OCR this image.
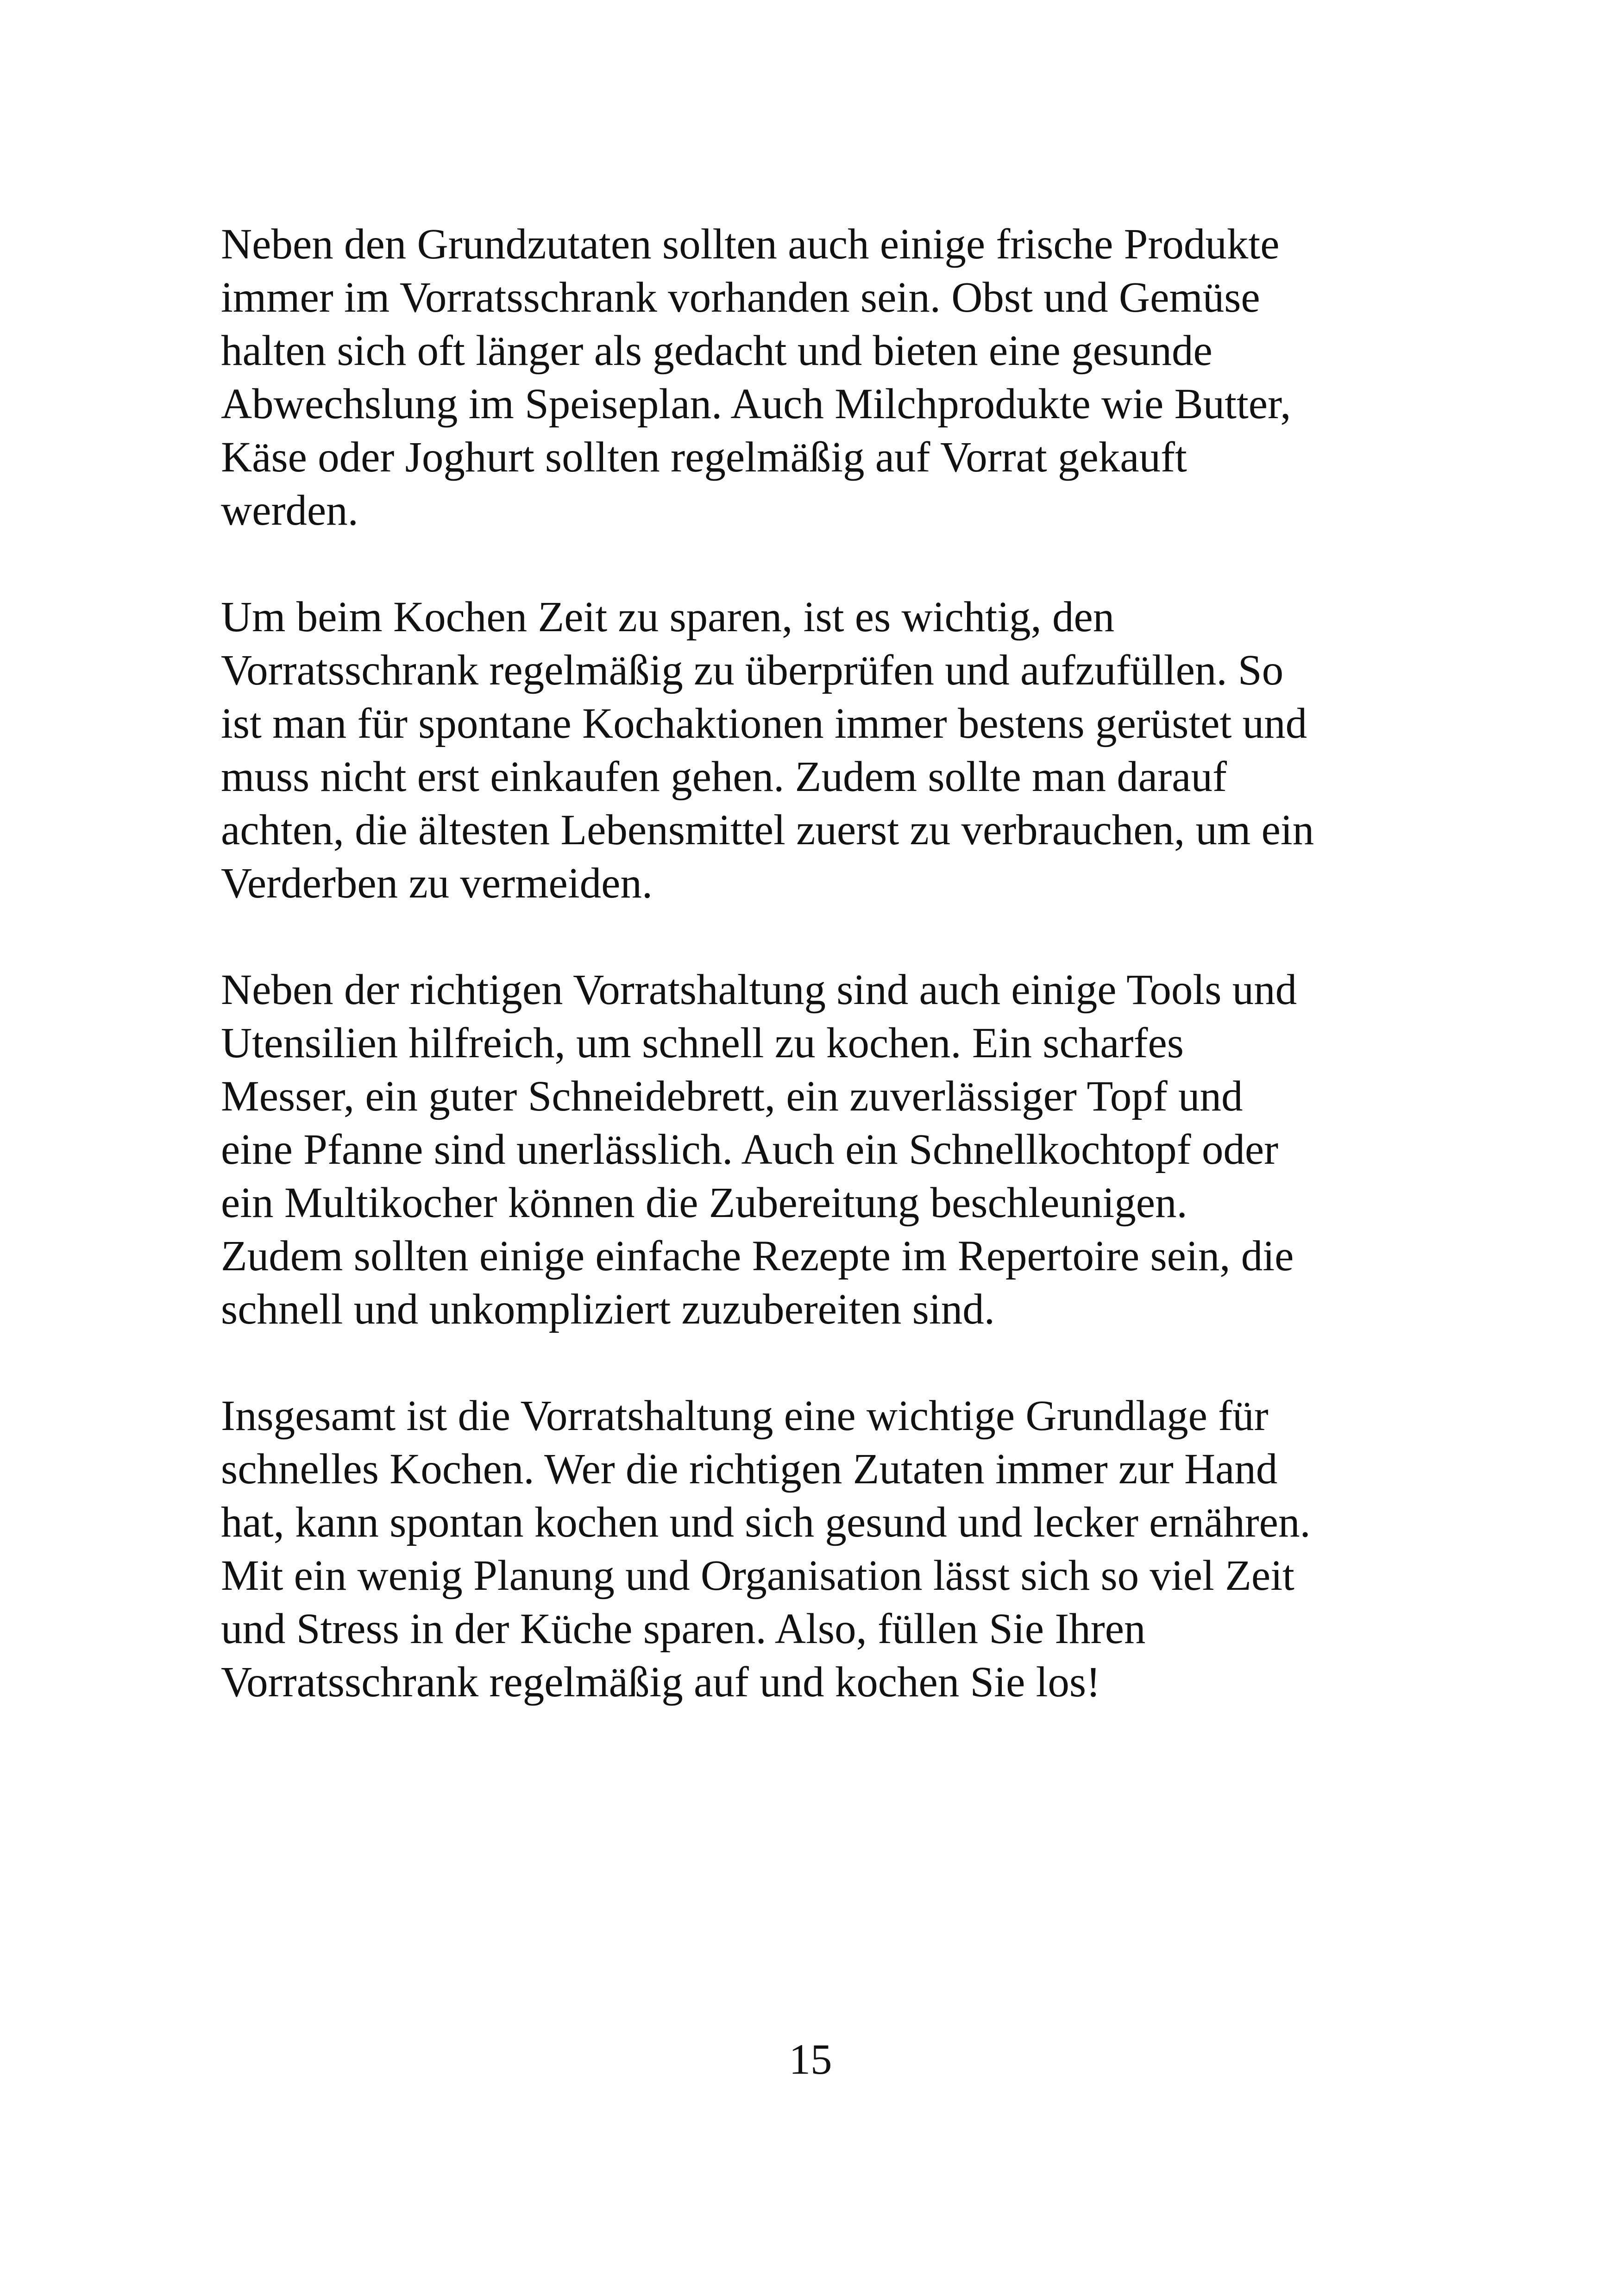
Neben den Grundzutaten sollten auch einige frische Produkte
immer im Vorratsschrank vorhanden sein. Obst und Gemüse
halten sich oft länger als gedacht und bieten eine gesunde
Abwechslung im Speiseplan. Auch Milchprodukte wie Butter,
Käse oder Joghurt sollten regelmäßig auf Vorrat gekauft
werden.

Um beim Kochen Zeit zu sparen, ist es wichtig, den
Vorratsschrank regelmäßig zu überprüfen und aufzufüllen. So
ist man für spontane Kochaktionen immer bestens gerüstet und
muss nicht erst einkaufen gehen. Zudem sollte man darauf
achten, die ältesten Lebensmittel zuerst zu verbrauchen, um ein
Verderben zu vermeiden.

Neben der richtigen Vorratshaltung sind auch einige Tools und
Utensilien hilfreich, um schnell zu kochen. Ein scharfes
Messer, ein guter Schneidebrett, ein zuverlässiger Topf und
eine Pfanne sind unerlässlich. Auch ein Schnellkochtopf oder
ein Multikocher können die Zubereitung beschleunigen.
Zudem sollten einige einfache Rezepte im Repertoire sein, die
schnell und unkompliziert zuzubereiten sind.

Insgesamt ist die Vorratshaltung eine wichtige Grundlage für
schnelles Kochen. Wer die richtigen Zutaten immer zur Hand
hat, kann spontan kochen und sich gesund und lecker ernähren.
Mit ein wenig Planung und Organisation lässt sich so viel Zeit
und Stress in der Küche sparen. Also, füllen Sie Ihren
Vorratsschrank regelmäßig auf und kochen Sie los!

15
